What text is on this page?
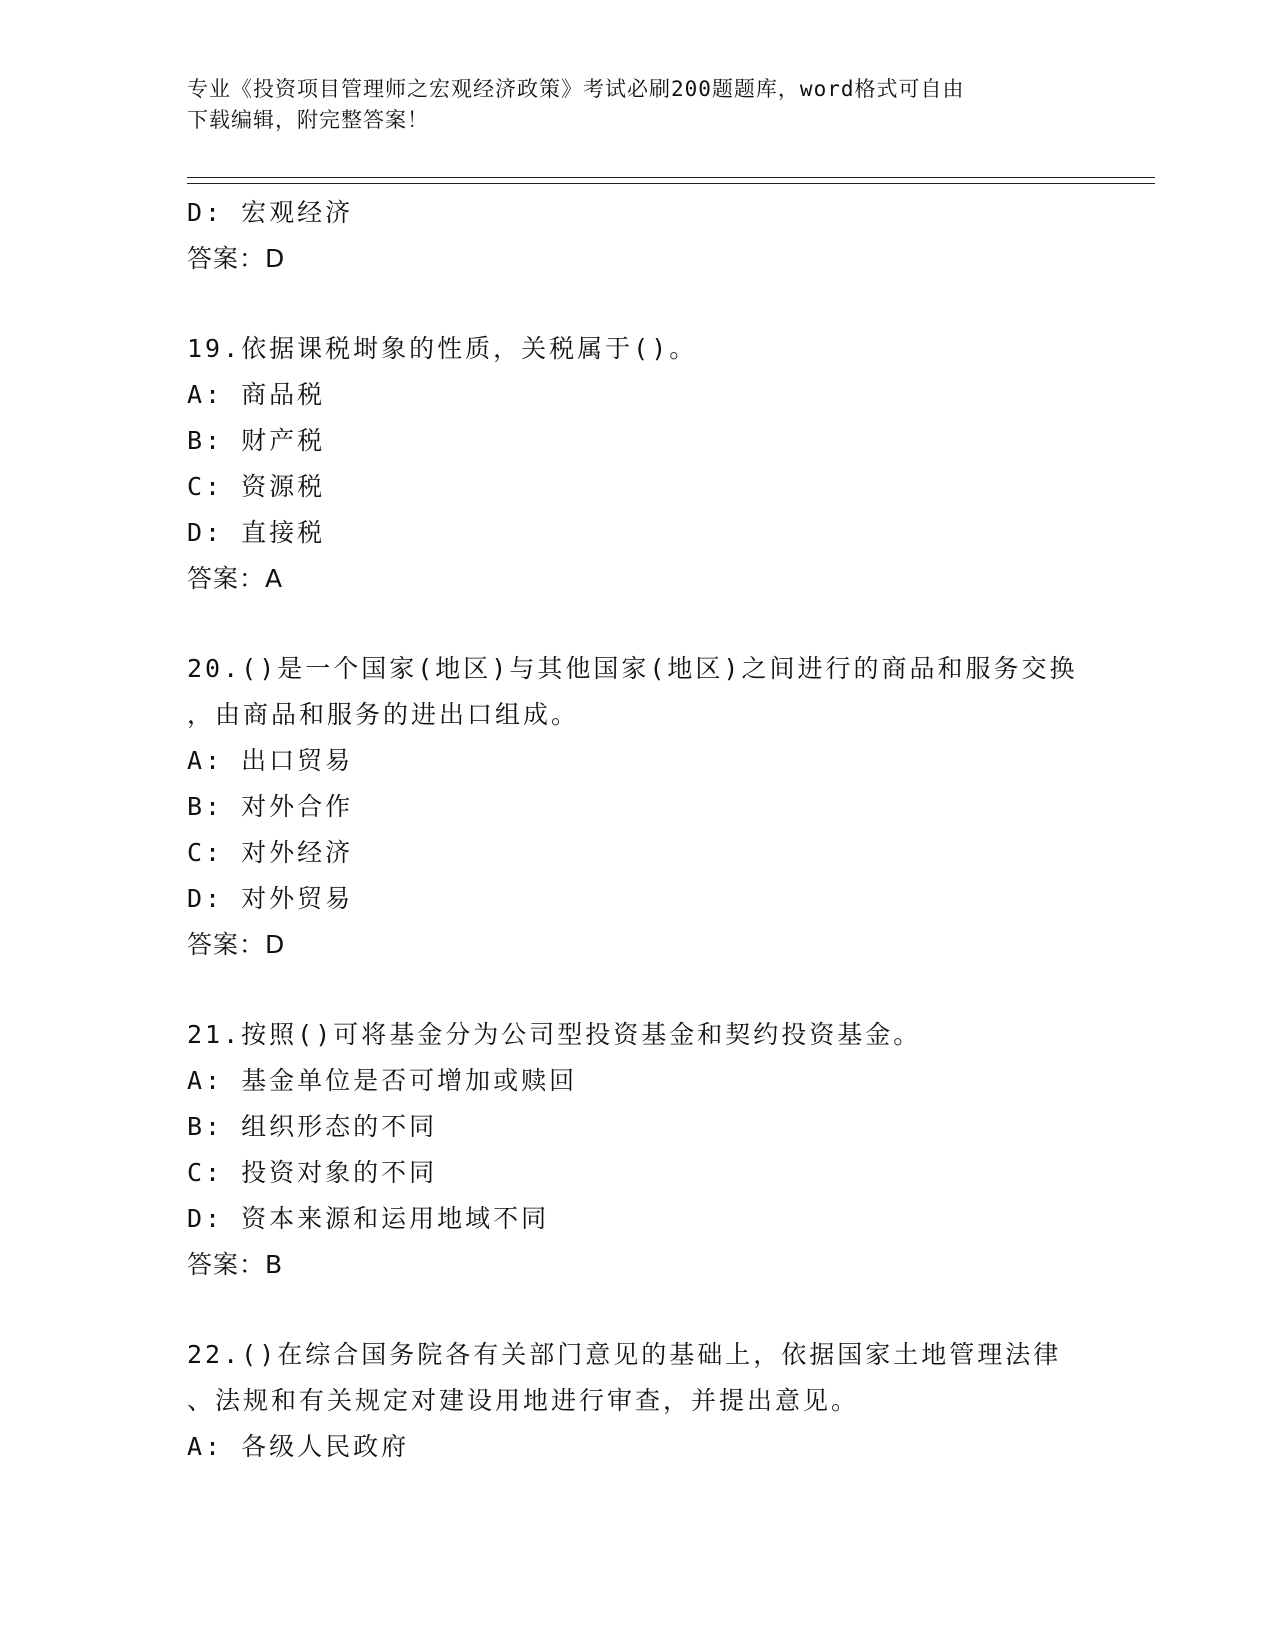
专业《投资项目管理师之宏观经济政策》考试必刷200题题库，word格式可自由
下载编辑，附完整答案！
D: 宏观经济
答案：D
19.依据课税埘象的性质，关税属于()。
A: 商品税
B: 财产税
C: 资源税
D: 直接税
答案：A
20.()是一个国家(地区)与其他国家(地区)之间进行的商品和服务交换
，由商品和服务的进出口组成。
A: 出口贸易
B: 对外合作
C: 对外经济
D: 对外贸易
答案：D
21.按照()可将基金分为公司型投资基金和契约投资基金。
A: 基金单位是否可增加或赎回
B: 组织形态的不同
C: 投资对象的不同
D: 资本来源和运用地域不同
答案：B
22.()在综合国务院各有关部门意见的基础上，依据国家土地管理法律
、法规和有关规定对建设用地进行审查，并提出意见。
A: 各级人民政府
